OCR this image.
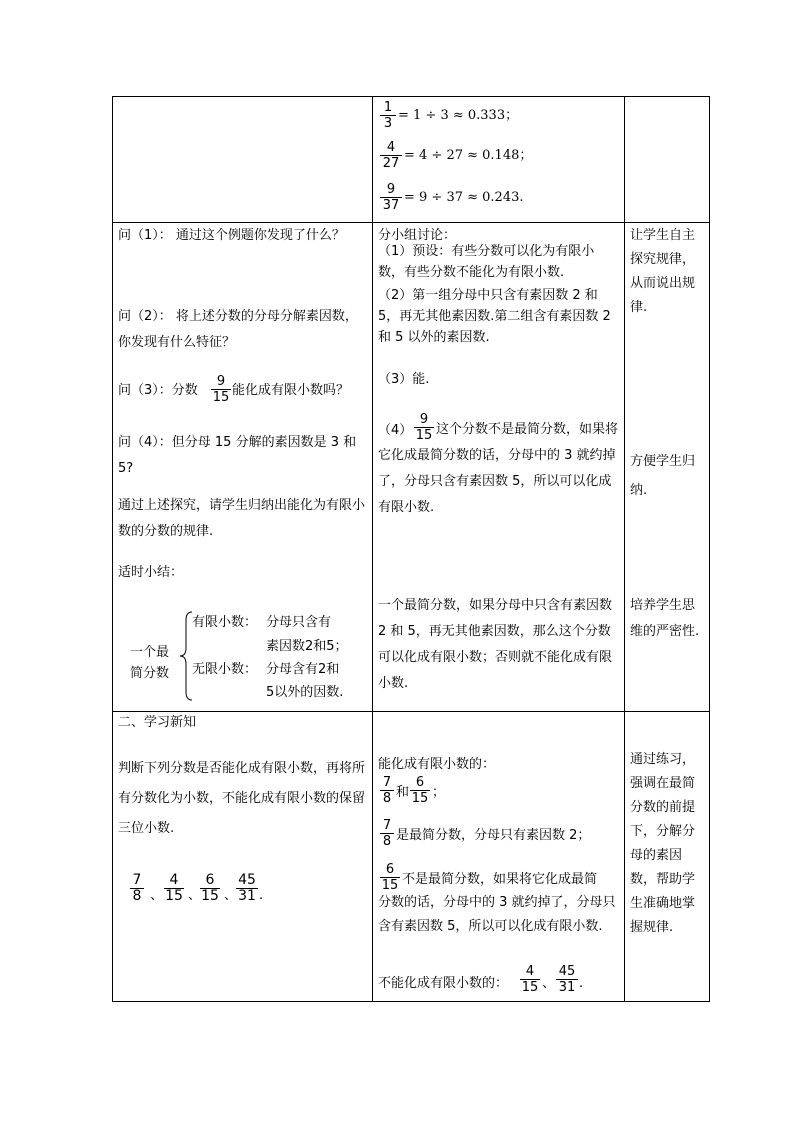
$\frac{1}{3} = 1 \div 3 \approx 0.333$；
$\frac{4}{27} = 4 \div 27 \approx 0.148$；
$\frac{9}{37} = 9 \div 37 \approx 0.243$.
问（1）： 通过这个例题你发现了什么？
问（2）： 将上述分数的分母分解素因数，你发现有什么特征？
问（3）：分数 $\frac{9}{15}$ 能化成有限小数吗？
问（4）：但分母 15 分解的素因数是 3 和 5?
通过上述探究，请学生归纳出能化为有限小数的分数的规律.
适时小结：
一个最
简分数
有限小数： 分母只含有
素因数2和5；
无限小数： 分母含有2和
5以外的因数.
分小组讨论：
（1）预设：有些分数可以化为有限小数，有些分数不能化为有限小数.
（2）第一组分母中只含有素因数 2 和 5，再无其他素因数.第二组含有素因数 2 和 5 以外的素因数.
（3）能.
$(4) \frac{9}{15}$ 这个分数不是最简分数，如果将它化成最简分数的话，分母中的 3 就约掉了，分母只含有素因数 5，所以可以化成有限小数.
一个最简分数，如果分母中只含有素因数 2 和 5，再无其他素因数，那么这个分数可以化成有限小数；否则就不能化成有限小数.
让学生自主探究规律，从而说出规律.
方便学生归纳.
培养学生思维的严密性.
通过练习，强调在最简分数的前提下，分解分母的素因数，帮助学生准确地掌握规律.
二、学习新知
判断下列分数是否能化成有限小数，再将所有分数化为小数，不能化成有限小数的保留三位小数.
$\frac{7}{8}$ 、 $\frac{4}{15}$ 、
$\frac{6}{15}$ 、
$\frac{45}{31}$ .
能化成有限小数的：
$\frac{7}{8}$ 和 $\frac{6}{15}$ ；
$\frac{7}{8}$ 是最简分数，分母只有素因数 2；
$\frac{6}{15}$ 不是最简分数，如果将它化成最简
分数的话，分母中的 3 就约掉了，分母只含有素因数 5，所以可以化成有限小数.
不能化成有限小数的： $\frac{4}{15}$ 、 $\frac{45}{31}$ .
